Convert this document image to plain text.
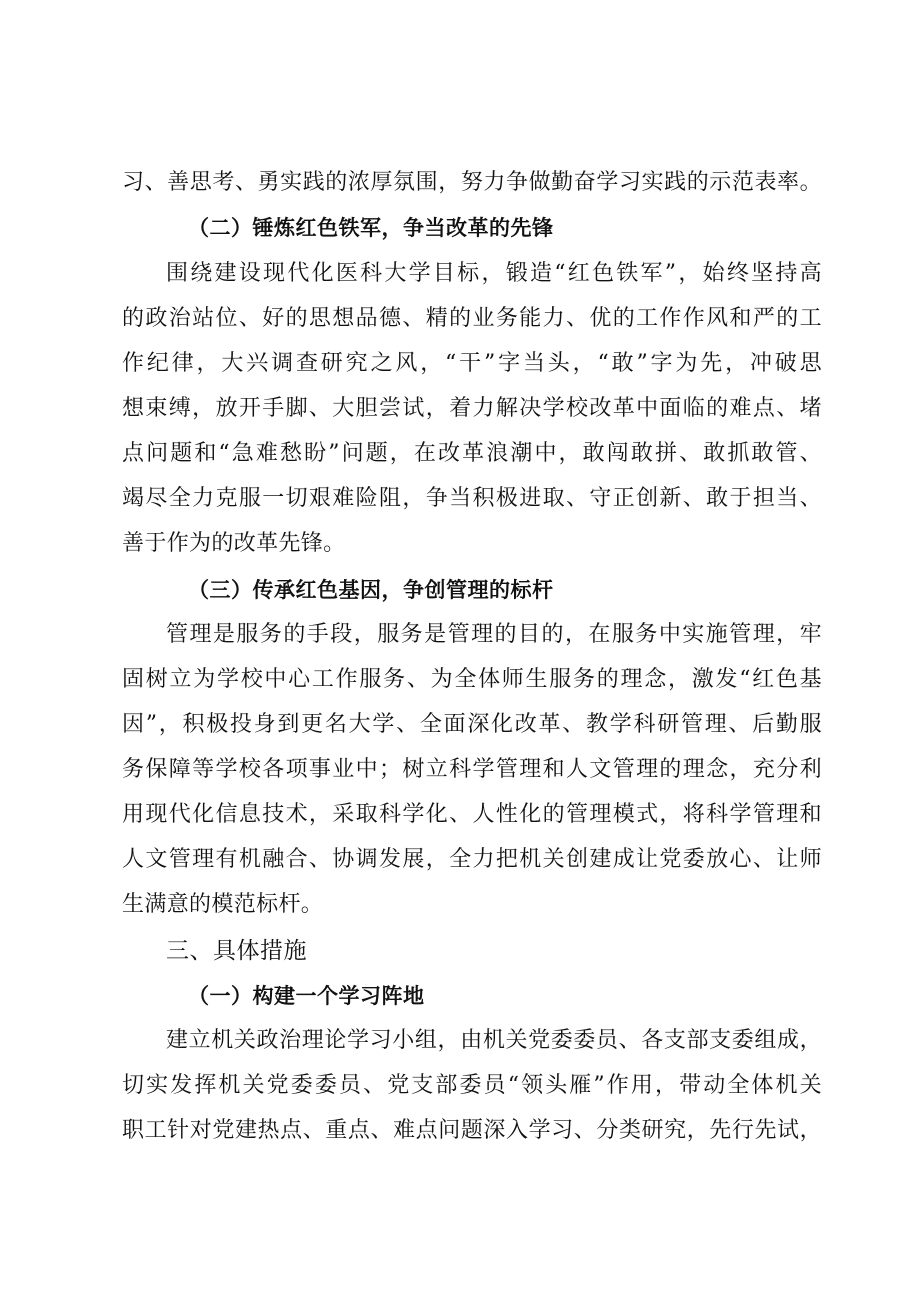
习、善思考、勇实践的浓厚氛围，努力争做勤奋学习实践的示范表率。
（二）锤炼红色铁军，争当改革的先锋
围绕建设现代化医科大学目标，锻造“红色铁军”，始终坚持高
的政治站位、好的思想品德、精的业务能力、优的工作作风和严的工
作纪律，大兴调查研究之风，“干”字当头，“敢”字为先，冲破思
想束缚，放开手脚、大胆尝试，着力解决学校改革中面临的难点、堵
点问题和“急难愁盼”问题，在改革浪潮中，敢闯敢拼、敢抓敢管、
竭尽全力克服一切艰难险阻，争当积极进取、守正创新、敢于担当、
善于作为的改革先锋。
（三）传承红色基因，争创管理的标杆
管理是服务的手段，服务是管理的目的，在服务中实施管理，牢
固树立为学校中心工作服务、为全体师生服务的理念，激发“红色基
因”，积极投身到更名大学、全面深化改革、教学科研管理、后勤服
务保障等学校各项事业中；树立科学管理和人文管理的理念，充分利
用现代化信息技术，采取科学化、人性化的管理模式，将科学管理和
人文管理有机融合、协调发展，全力把机关创建成让党委放心、让师
生满意的模范标杆。
三、具体措施
（一）构建一个学习阵地
建立机关政治理论学习小组，由机关党委委员、各支部支委组成，
切实发挥机关党委委员、党支部委员“领头雁”作用，带动全体机关
职工针对党建热点、重点、难点问题深入学习、分类研究，先行先试，
